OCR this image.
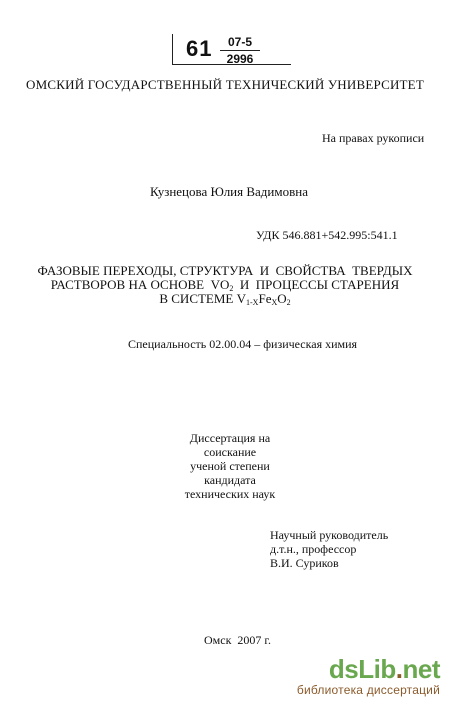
$61 \frac{07-5}{2996}$
ОМСКИЙ ГОСУДАРСТВЕННЫЙ ТЕХНИЧЕСКИЙ УНИВЕРСИТЕТ
На правах рукописи
Кузнецова Юлия Вадимовна
УДК 546.881+542.995:541.1
ФАЗОВЫЕ ПЕРЕХОДЫ, СТРУКТУРА  И  СВОЙСТВА  ТВЕРДЫХ
РАСТВОРОВ НА ОСНОВЕ  $VO_2$  И  ПРОЦЕССЫ СТАРЕНИЯ
В СИСТЕМЕ $V_{1-X}Fe_XO_2$
Специальность 02.00.04 – физическая химия
Диссертация на соискание
ученой степени кандидата
технических наук
Научный руководитель
д.т.н., профессор
В.И. Суриков
Омск  2007 г.
dsLib.net
библиотека диссертаций
